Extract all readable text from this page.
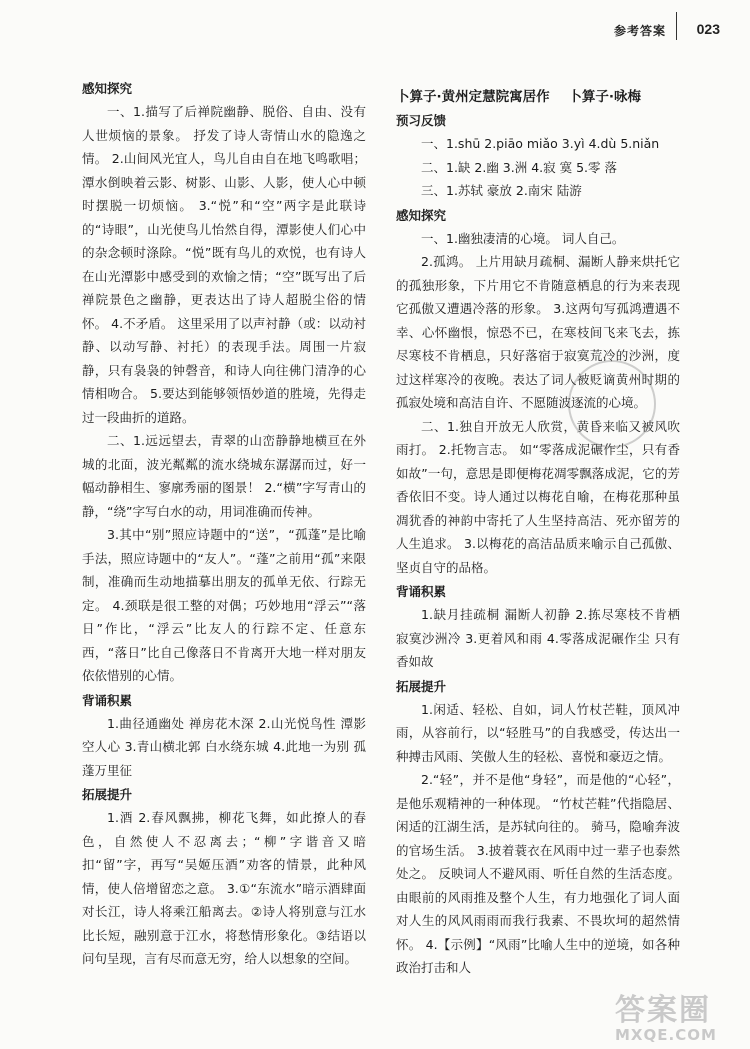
参考答案 023
感知探究

一、1.描写了后禅院幽静、脱俗、自由、没有人世烦恼的景象。 抒发了诗人寄情山水的隐逸之情。 2.山间风光宜人，鸟儿自由自在地飞鸣歌唱；潭水倒映着云影、树影、山影、人影，使人心中顿时摆脱一切烦恼。 3.“悦”和“空”两字是此联诗的“诗眼”，山光使鸟儿怡然自得，潭影使人们心中的杂念顿时涤除。“悦”既有鸟儿的欢悦，也有诗人在山光潭影中感受到的欢愉之情；“空”既写出了后禅院景色之幽静，更表达出了诗人超脱尘俗的情怀。 4.不矛盾。 这里采用了以声衬静（或：以动衬静、以动写静、衬托）的表现手法。周围一片寂静，只有袅袅的钟磬音，和诗人向往佛门清净的心情相吻合。 5.要达到能够领悟妙道的胜境，先得走过一段曲折的道路。

二、1.远远望去，青翠的山峦静静地横亘在外城的北面，波光粼粼的流水绕城东潺潺而过，好一幅动静相生、寥廓秀丽的图景！ 2.“横”字写青山的静，“绕”字写白水的动，用词准确而传神。

3.其中“别”照应诗题中的“送”，“孤蓬”是比喻手法，照应诗题中的“友人”。“蓬”之前用“孤”来限制，准确而生动地描摹出朋友的孤单无依、行踪无定。 4.颈联是很工整的对偶；巧妙地用“浮云”“落日”作比，“浮云”比友人的行踪不定、任意东西，“落日”比自己像落日不肯离开大地一样对朋友依依惜别的心情。

背诵积累

1.曲径通幽处 禅房花木深 2.山光悦鸟性 潭影空人心 3.青山横北郭 白水绕东城 4.此地一为别 孤蓬万里征

拓展提升

1.酒 2.春风飘拂，柳花飞舞，如此撩人的春色，自然使人不忍离去；“柳”字谐音又暗扣“留”字，再写“吴姬压酒”劝客的情景，此种风情，使人倍增留恋之意。 3.①“东流水”暗示酒肆面对长江，诗人将乘江船离去。②诗人将别意与江水比长短，融别意于江水，将愁情形象化。③结语以问句呈现，言有尽而意无穷，给人以想象的空间。

卜算子·黄州定慧院寓居作 卜算子·咏梅
预习反馈

一、1.shū 2.piāo miǎo 3.yì 4.dù 5.niǎn

二、1.缺 2.幽 3.洲 4.寂 寞 5.零 落

三、1.苏轼 豪放 2.南宋 陆游

感知探究

一、1.幽独凄清的心境。 词人自己。

2.孤鸿。 上片用缺月疏桐、漏断人静来烘托它的孤独形象，下片用它不肯随意栖息的行为来表现它孤傲又遭遇冷落的形象。 3.这两句写孤鸿遭遇不幸、心怀幽恨，惊恐不已，在寒枝间飞来飞去，拣尽寒枝不肯栖息，只好落宿于寂寞荒冷的沙洲，度过这样寒冷的夜晚。表达了词人被贬谪黄州时期的孤寂处境和高洁自许、不愿随波逐流的心境。

二、1.独自开放无人欣赏，黄昏来临又被风吹雨打。 2.托物言志。 如“零落成泥碾作尘，只有香如故”一句，意思是即便梅花凋零飘落成泥，它的芳香依旧不变。诗人通过以梅花自喻，在梅花那种虽凋犹香的神韵中寄托了人生坚持高洁、死亦留芳的人生追求。 3.以梅花的高洁品质来喻示自己孤傲、坚贞自守的品格。

背诵积累

1.缺月挂疏桐 漏断人初静 2.拣尽寒枝不肯栖 寂寞沙洲冷 3.更着风和雨 4.零落成泥碾作尘 只有香如故

拓展提升

1.闲适、轻松、自如，词人竹杖芒鞋，顶风冲雨，从容前行，以“轻胜马”的自我感受，传达出一种搏击风雨、笑傲人生的轻松、喜悦和豪迈之情。

2.“轻”，并不是他“身轻”，而是他的“心轻”，是他乐观精神的一种体现。 “竹杖芒鞋”代指隐居、闲适的江湖生活，是苏轼向往的。 骑马，隐喻奔波的官场生活。 3.披着蓑衣在风雨中过一辈子也泰然处之。 反映词人不避风雨、听任自然的生活态度。由眼前的风雨推及整个人生，有力地强化了词人面对人生的风风雨雨而我行我素、不畏坎坷的超然情怀。 4.【示例】“风雨”比喻人生中的逆境，如各种政治打击和人

答案圈
MXQE.COM
